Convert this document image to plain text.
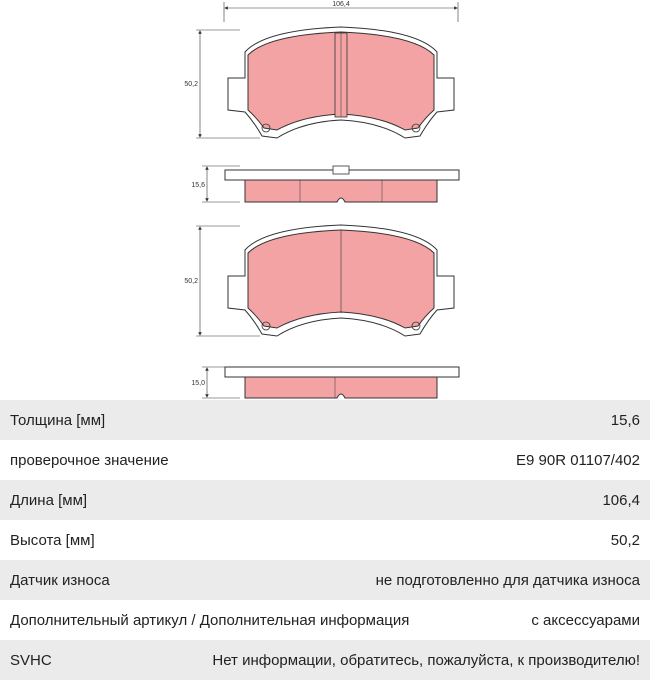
106,4
50,2
15,6
50,2
15,0
Толщина [мм]	15,6
проверочное значение	E9 90R 01107/402
Длина [мм]	106,4
Высота [мм]	50,2
Датчик износа	не подготовленно для датчика износа
Дополнительный артикул / Дополнительная информация	с аксессуарами
SVHC	Нет информации, обратитесь, пожалуйста, к производителю!
